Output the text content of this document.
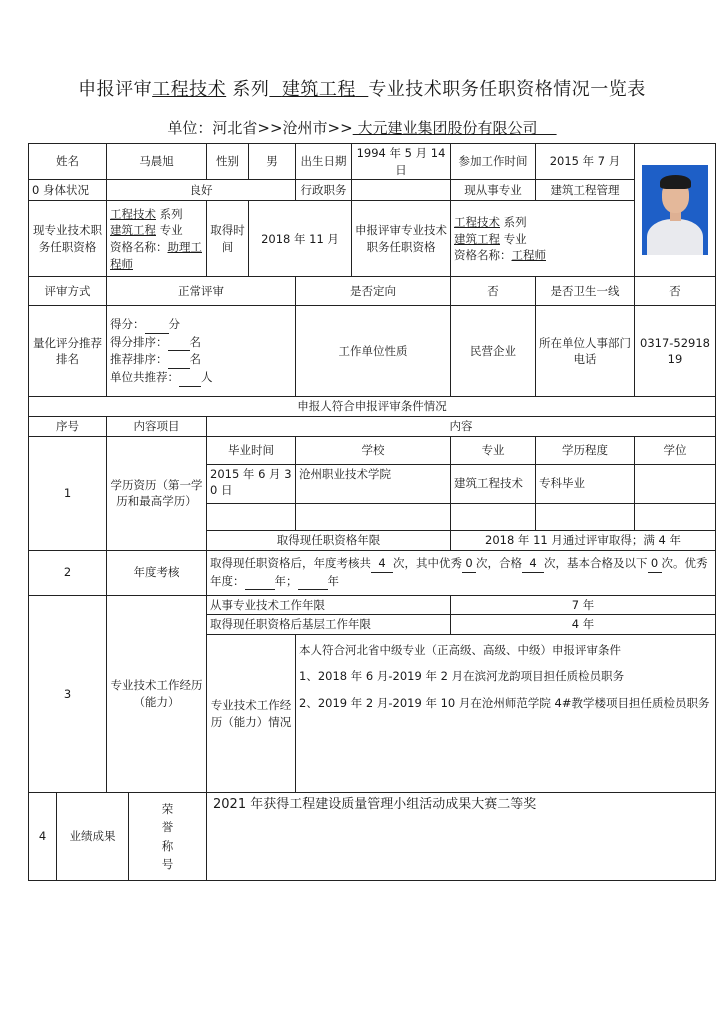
申报评审工程技术 系列 建筑工程 专业技术职务任职资格情况一览表
单位：河北省>>沧州市>> 大元建业集团股份有限公司
姓名		马晨旭		性别	男	出生日期	1994 年 5 月 14 日	参加工作时间	2015 年 7 月	

0 身体状况		良好				行政职务		现从事专业	建筑工程管理	
现专业技术职务任职资格		工程技术 系列
建筑工程 专业
资格名称：助理工程师		取得时间	2018 年 11 月		申报评审专业技术职务任职资格	工程技术 系列
建筑工程 专业
资格名称：工程师		
评审方式		正常评审				是否定向		否	是否卫生一线	否
量化评分推荐排名		得分： 分
得分排序： 名
推荐排序： 名
单位共推荐： 人				工作单位性质		民营企业	所在单位人事部门电话	0317-5291819
申报人符合申报评审条件情况										
序号		内容项目		内容						
1		学历资历（第一学历和最高学历）		毕业时间		学校		专业	学历程度	学位
				2015 年 6 月 30 日		沧州职业技术学院		建筑工程技术	专科毕业	

				取得现任职资格年限				2018 年 11 月通过评审取得；满 4 年		
2		年度考核		取得现任职资格后，年度考核共 4 次，其中优秀 0 次，合格 4 次，基本合格及以下 0 次。优秀年度： 年； 年						
3		专业技术工作经历（能力）		从事专业技术工作年限				7 年		
				取得现任职资格后基层工作年限				4 年		
				专业技术工作经历（能力）情况		本人符合河北省中级专业（正高级、高级、中级）申报评审条件
1、2018 年 6 月-2019 年 2 月在滨河龙韵项目担任质检员职务
2、2019 年 2 月-2019 年 10 月在沧州师范学院 4#教学楼项目担任质检员职务				

4	业绩成果		荣誉称号	2021 年获得工程建设质量管理小组活动成果大赛二等奖						
